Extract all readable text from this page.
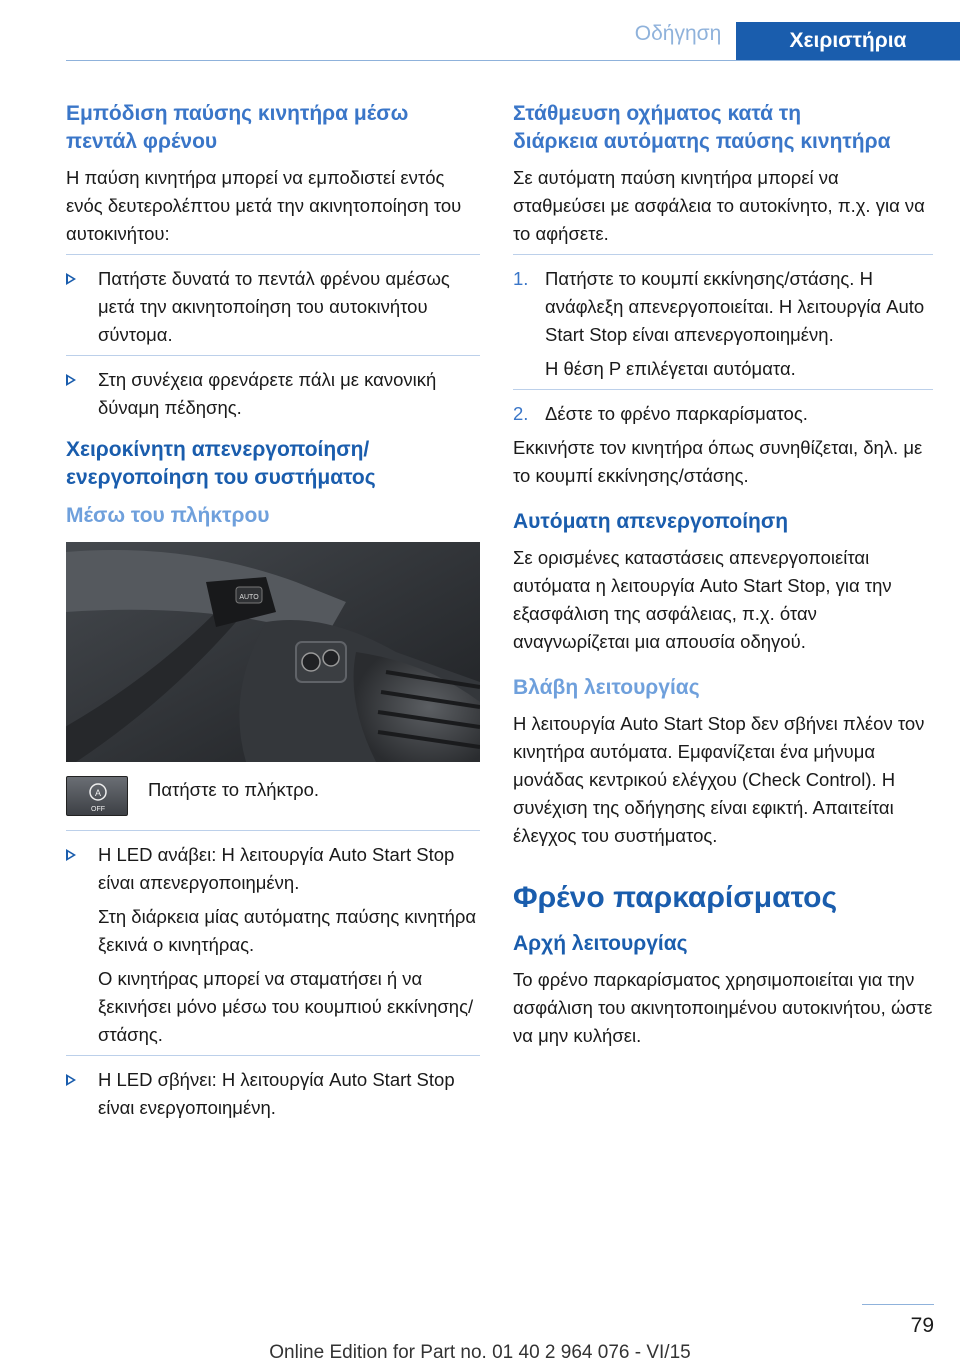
Οδήγηση	Χειριστήρια
Εμπόδιση παύσης κινητήρα μέσω
πεντάλ φρένου

Η παύση κινητήρα μπορεί να εμποδιστεί εντός ενός δευτερολέπτου μετά την ακινητοποίηση του αυτοκινήτου:

Πατήστε δυνατά το πεντάλ φρένου αμέσως μετά την ακινητοποίηση του αυτοκινήτου σύντομα.

Στη συνέχεια φρενάρετε πάλι με κανονική δύναμη πέδησης.

Χειροκίνητη απενεργοποίηση/
ενεργοποίηση του συστήματος
Μέσω του πλήκτρου
AUTO
A
OFF

Πατήστε το πλήκτρο.

Η LED ανάβει: Η λειτουργία Auto Start Stop είναι απενεργοποιημένη.

Στη διάρκεια μίας αυτόματης παύσης κινητήρα ξεκινά ο κινητήρας.

Ο κινητήρας μπορεί να σταματήσει ή να ξεκινήσει μόνο μέσω του κουμπιού εκκίνησης/στάσης.

Η LED σβήνει: Η λειτουργία Auto Start Stop είναι ενεργοποιημένη.

Στάθμευση οχήματος κατά τη
διάρκεια αυτόματης παύσης κινητήρα

Σε αυτόματη παύση κινητήρα μπορεί να σταθμεύσει με ασφάλεια το αυτοκίνητο, π.χ. για να το αφήσετε.

1. Πατήστε το κουμπί εκκίνησης/στάσης. Η ανάφλεξη απενεργοποιείται. Η λειτουργία Auto Start Stop είναι απενεργοποιημένη.

Η θέση P επιλέγεται αυτόματα.

2. Δέστε το φρένο παρκαρίσματος.

Εκκινήστε τον κινητήρα όπως συνηθίζεται, δηλ. με το κουμπί εκκίνησης/στάσης.

Αυτόματη απενεργοποίηση

Σε ορισμένες καταστάσεις απενεργοποιείται αυτόματα η λειτουργία Auto Start Stop, για την εξασφάλιση της ασφάλειας, π.χ. όταν αναγνωρίζεται μια απουσία οδηγού.

Βλάβη λειτουργίας

Η λειτουργία Auto Start Stop δεν σβήνει πλέον τον κινητήρα αυτόματα. Εμφανίζεται ένα μήνυμα μονάδας κεντρικού ελέγχου (Check Control). Η συνέχιση της οδήγησης είναι εφικτή. Απαιτείται έλεγχος του συστήματος.

Φρένο παρκαρίσματος
Αρχή λειτουργίας

Το φρένο παρκαρίσματος χρησιμοποιείται για την ασφάλιση του ακινητοποιημένου αυτοκινήτου, ώστε να μην κυλήσει.

79
Online Edition for Part no. 01 40 2 964 076 - VI/15
